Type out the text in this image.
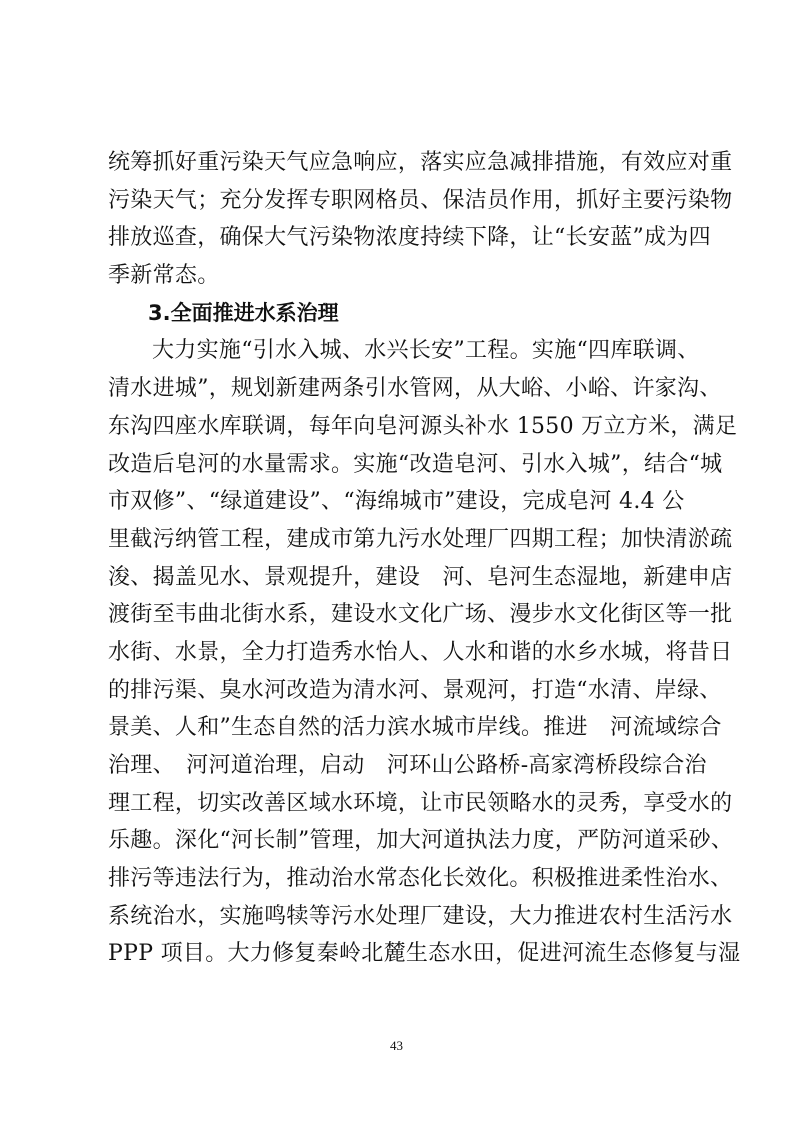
统筹抓好重污染天气应急响应，落实应急减排措施，有效应对重
污染天气；充分发挥专职网格员、保洁员作用，抓好主要污染物
排放巡查，确保大气污染物浓度持续下降，让“长安蓝”成为四
季新常态。
3.全面推进水系治理
大力实施“引水入城、水兴长安”工程。实施“四库联调、
清水进城”，规划新建两条引水管网，从大峪、小峪、许家沟、
东沟四座水库联调，每年向皂河源头补水 1550 万立方米，满足
改造后皂河的水量需求。实施“改造皂河、引水入城”，结合“城
市双修”、“绿道建设”、“海绵城市”建设，完成皂河 4.4 公
里截污纳管工程，建成市第九污水处理厂四期工程；加快清淤疏
浚、揭盖见水、景观提升，建设　河、皂河生态湿地，新建申店
渡街至韦曲北街水系，建设水文化广场、漫步水文化街区等一批
水街、水景，全力打造秀水怡人、人水和谐的水乡水城，将昔日
的排污渠、臭水河改造为清水河、景观河，打造“水清、岸绿、
景美、人和”生态自然的活力滨水城市岸线。推进　河流域综合
治理、　河河道治理，启动　河环山公路桥-高家湾桥段综合治
理工程，切实改善区域水环境，让市民领略水的灵秀，享受水的
乐趣。深化“河长制”管理，加大河道执法力度，严防河道采砂、
排污等违法行为，推动治水常态化长效化。积极推进柔性治水、
系统治水，实施鸣犊等污水处理厂建设，大力推进农村生活污水
PPP 项目。大力修复秦岭北麓生态水田，促进河流生态修复与湿
43
